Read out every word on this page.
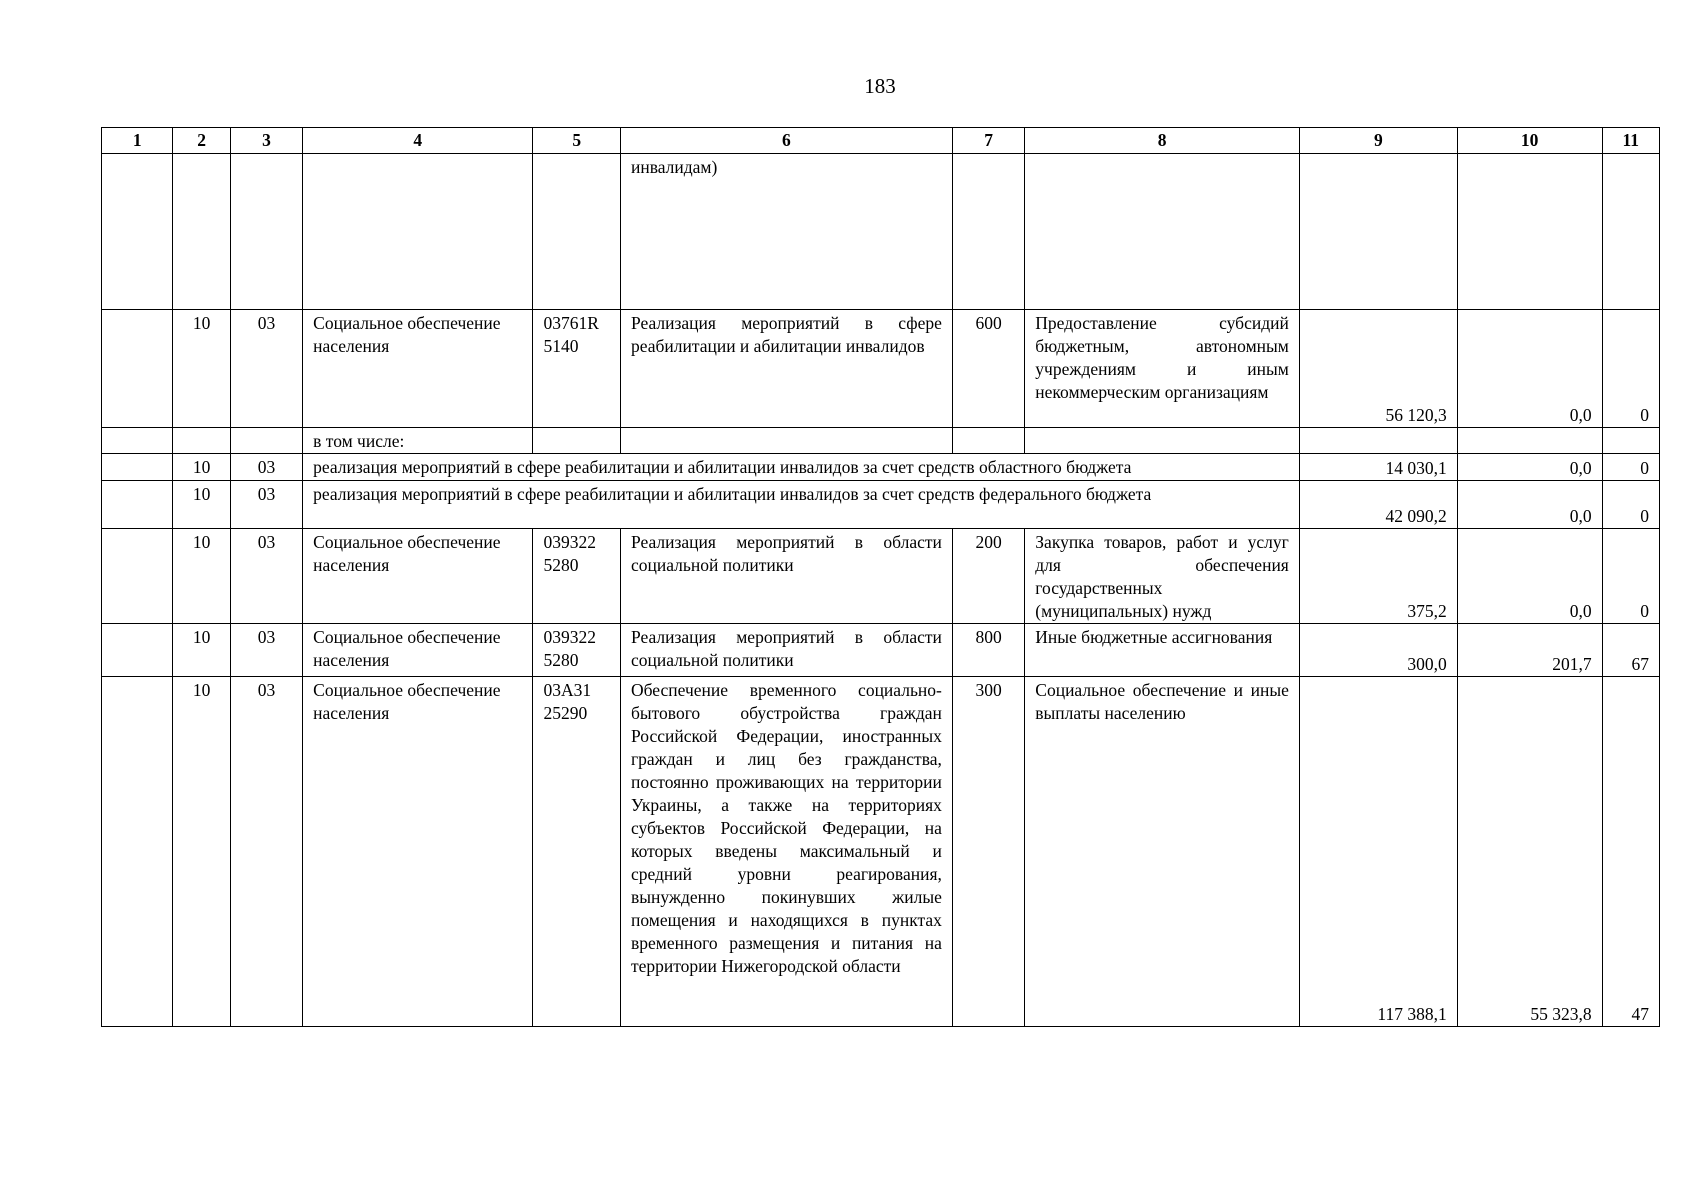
183
1	2	3	4	5	6	7	8	9	10	11
					инвалидам)					
	10	03	Социальное обеспечение населения	03761R 5140	Реализация мероприятий в сфере реабилитации и абилитации инвалидов	600	Предоставление субсидий бюджетным, автономным учреждениям и иным некоммерческим организациям	56 120,3	0,0	0
			в том числе:							
	10	03	реализация мероприятий в сфере реабилитации и абилитации инвалидов за счет средств областного бюджета					14 030,1	0,0	0
	10	03	реализация мероприятий в сфере реабилитации и абилитации инвалидов за счет средств федерального бюджета					42 090,2	0,0	0
	10	03	Социальное обеспечение населения	039322 5280	Реализация мероприятий в области социальной политики	200	Закупка товаров, работ и услуг для обеспечения государственных (муниципальных) нужд	375,2	0,0	0
	10	03	Социальное обеспечение населения	039322 5280	Реализация мероприятий в области социальной политики	800	Иные бюджетные ассигнования	300,0	201,7	67
	10	03	Социальное обеспечение населения	03А31 25290	Обеспечение временного социально-бытового обустройства граждан Российской Федерации, иностранных граждан и лиц без гражданства, постоянно проживающих на территории Украины, а также на территориях субъектов Российской Федерации, на которых введены максимальный и средний уровни реагирования, вынужденно покинувших жилые помещения и находящихся в пунктах временного размещения и питания на территории Нижегородской области	300	Социальное обеспечение и иные выплаты населению	117 388,1	55 323,8	47
